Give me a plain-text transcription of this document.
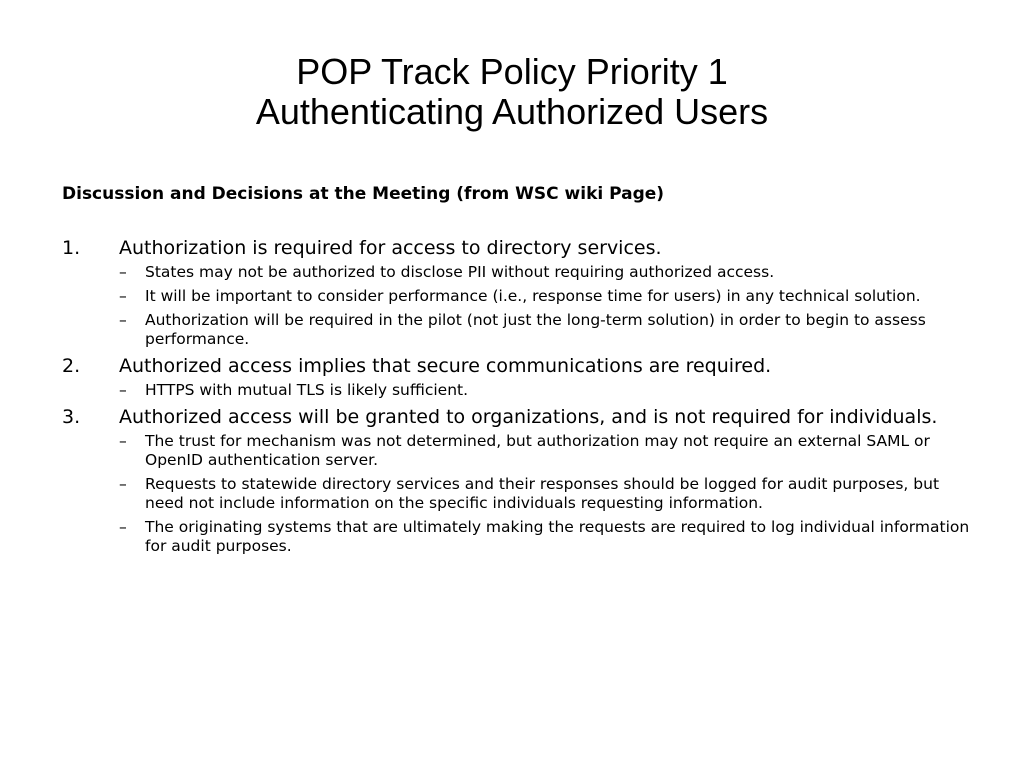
POP Track Policy Priority 1
Authenticating Authorized Users
Discussion and Decisions at the Meeting (from WSC wiki Page)
1. Authorization is required for access to directory services.
– States may not be authorized to disclose PII without requiring authorized access.
– It will be important to consider performance (i.e., response time for users) in any technical solution.
– Authorization will be required in the pilot (not just the long-term solution) in order to begin to assess performance.
2. Authorized access implies that secure communications are required.
– HTTPS with mutual TLS is likely sufficient.
3. Authorized access will be granted to organizations, and is not required for individuals.
– The trust for mechanism was not determined, but authorization may not require an external SAML or OpenID authentication server.
– Requests to statewide directory services and their responses should be logged for audit purposes, but need not include information on the specific individuals requesting information.
– The originating systems that are ultimately making the requests are required to log individual information for audit purposes.
